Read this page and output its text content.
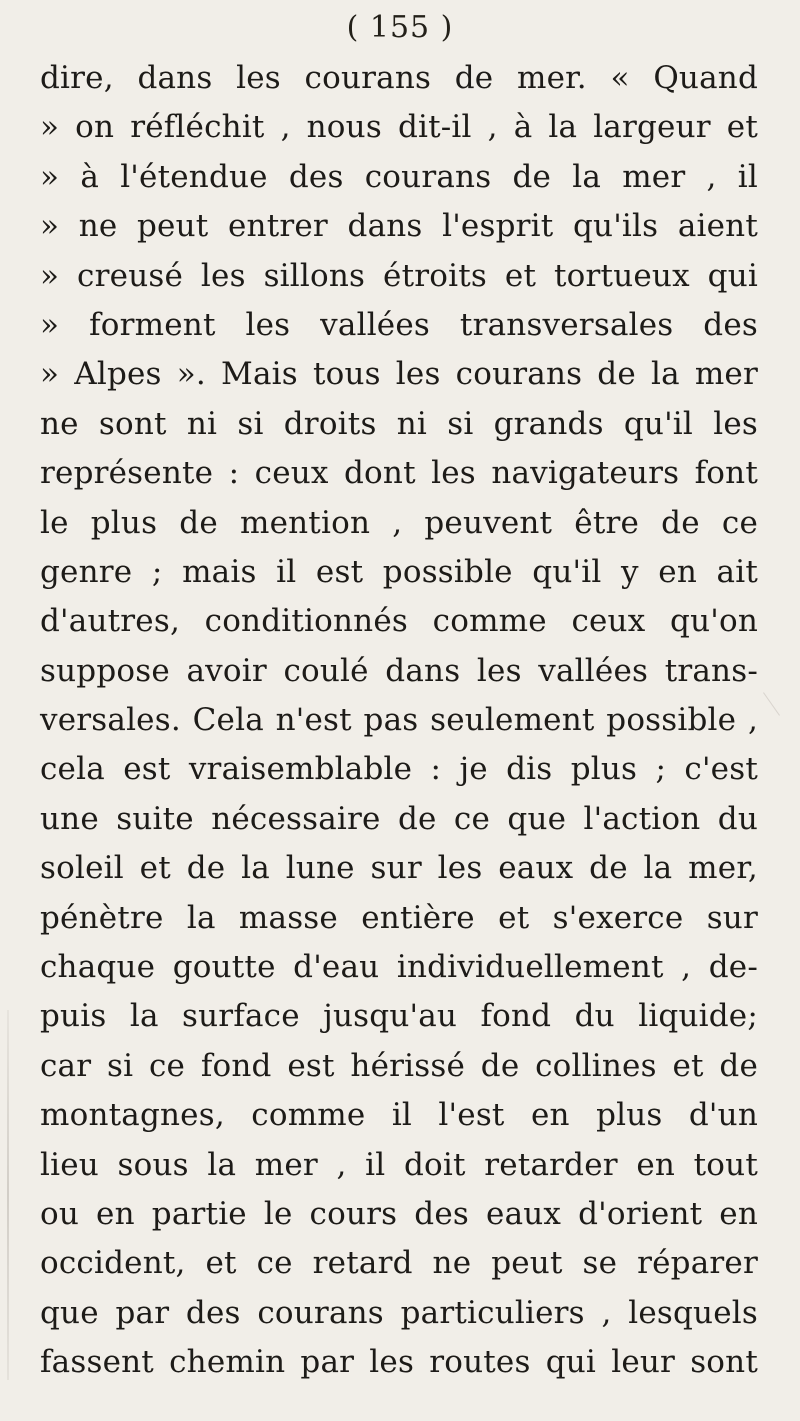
( 155 )
dire, dans les courans de mer. « Quand
» on réfléchit , nous dit-il , à la largeur et
» à l'étendue des courans de la mer , il
» ne peut entrer dans l'esprit qu'ils aient
» creusé les sillons étroits et tortueux qui
» forment les vallées transversales des
» Alpes ». Mais tous les courans de la mer
ne sont ni si droits ni si grands qu'il les
représente : ceux dont les navigateurs font
le plus de mention , peuvent être de ce
genre ; mais il est possible qu'il y en ait
d'autres, conditionnés comme ceux qu'on
suppose avoir coulé dans les vallées trans-
versales. Cela n'est pas seulement possible ,
cela est vraisemblable : je dis plus ; c'est
une suite nécessaire de ce que l'action du
soleil et de la lune sur les eaux de la mer,
pénètre la masse entière et s'exerce sur
chaque goutte d'eau individuellement , de-
puis la surface jusqu'au fond du liquide;
car si ce fond est hérissé de collines et de
montagnes, comme il l'est en plus d'un
lieu sous la mer , il doit retarder en tout
ou en partie le cours des eaux d'orient en
occident, et ce retard ne peut se réparer
que par des courans particuliers , lesquels
fassent chemin par les routes qui leur sont
